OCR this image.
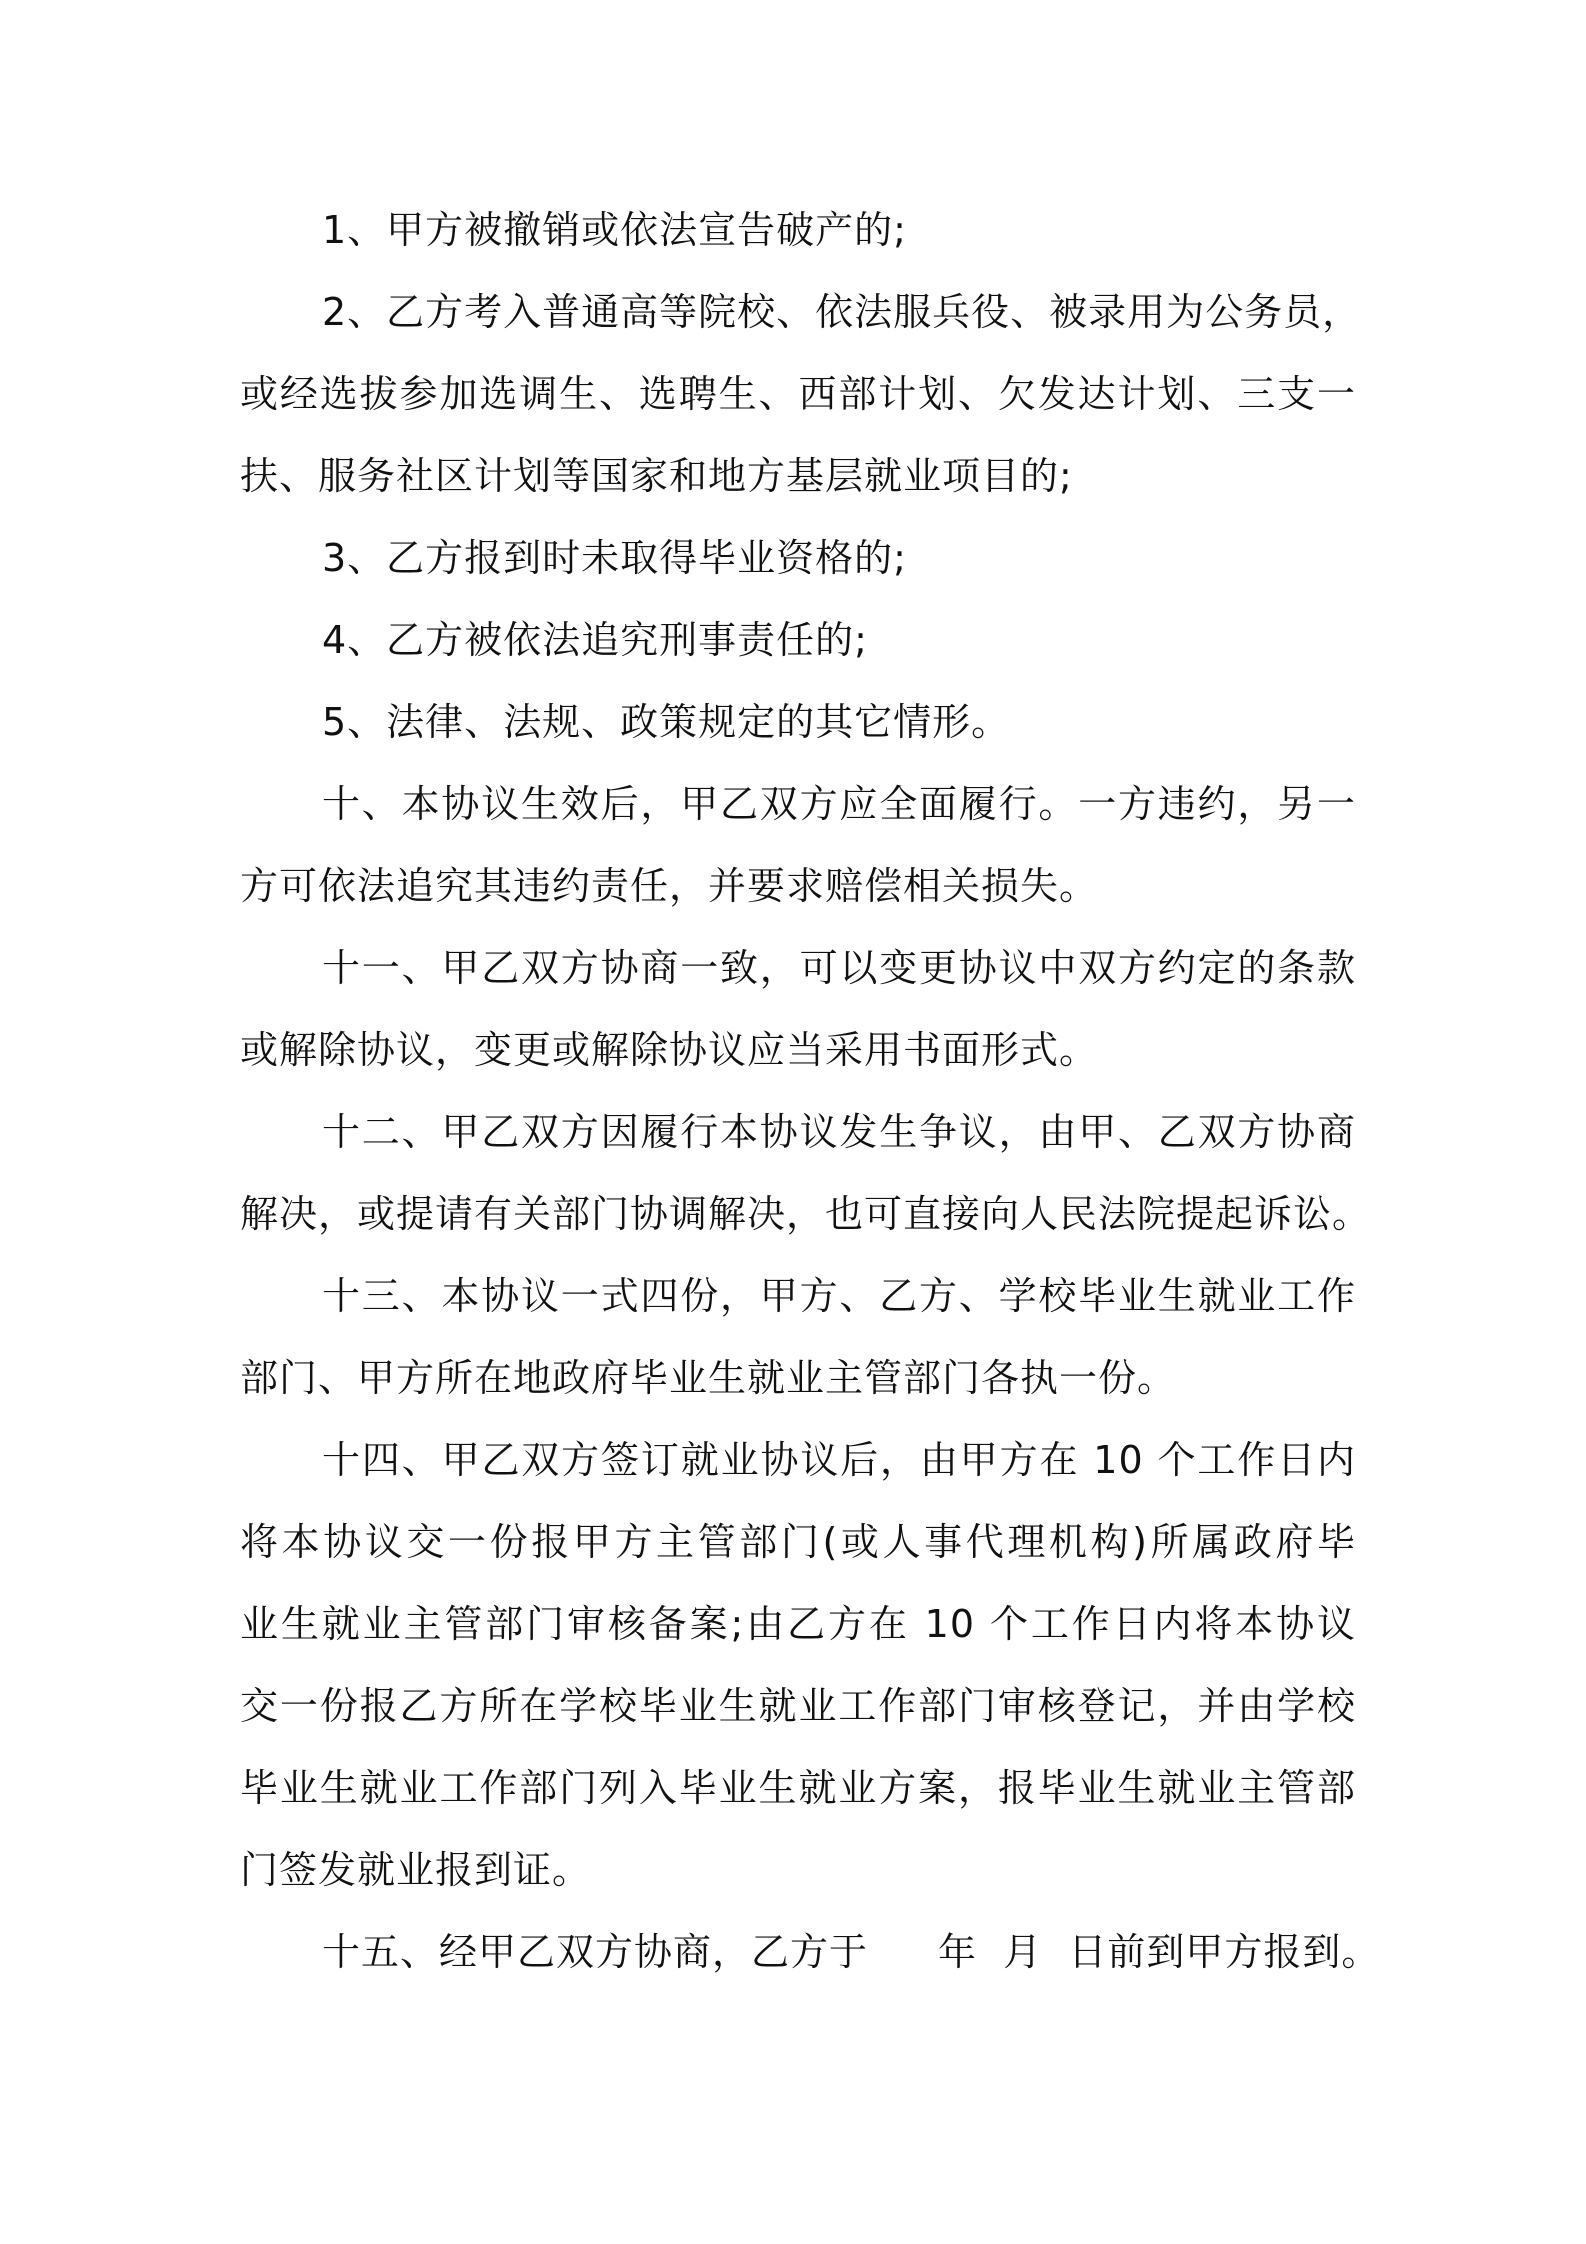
1、甲方被撤销或依法宣告破产的;
2、乙方考入普通高等院校、依法服兵役、被录用为公务员，
或经选拔参加选调生、选聘生、西部计划、欠发达计划、三支一
扶、服务社区计划等国家和地方基层就业项目的;
3、乙方报到时未取得毕业资格的;
4、乙方被依法追究刑事责任的;
5、法律、法规、政策规定的其它情形。
十、本协议生效后，甲乙双方应全面履行。一方违约，另一
方可依法追究其违约责任，并要求赔偿相关损失。
十一、甲乙双方协商一致，可以变更协议中双方约定的条款
或解除协议，变更或解除协议应当采用书面形式。
十二、甲乙双方因履行本协议发生争议，由甲、乙双方协商
解决，或提请有关部门协调解决，也可直接向人民法院提起诉讼。
十三、本协议一式四份，甲方、乙方、学校毕业生就业工作
部门、甲方所在地政府毕业生就业主管部门各执一份。
十四、甲乙双方签订就业协议后，由甲方在 10 个工作日内
将本协议交一份报甲方主管部门(或人事代理机构)所属政府毕
业生就业主管部门审核备案;由乙方在 10 个工作日内将本协议
交一份报乙方所在学校毕业生就业工作部门审核登记，并由学校
毕业生就业工作部门列入毕业生就业方案，报毕业生就业主管部
门签发就业报到证。
十五、经甲乙双方协商，乙方于 年 月 日前到甲方报到。
